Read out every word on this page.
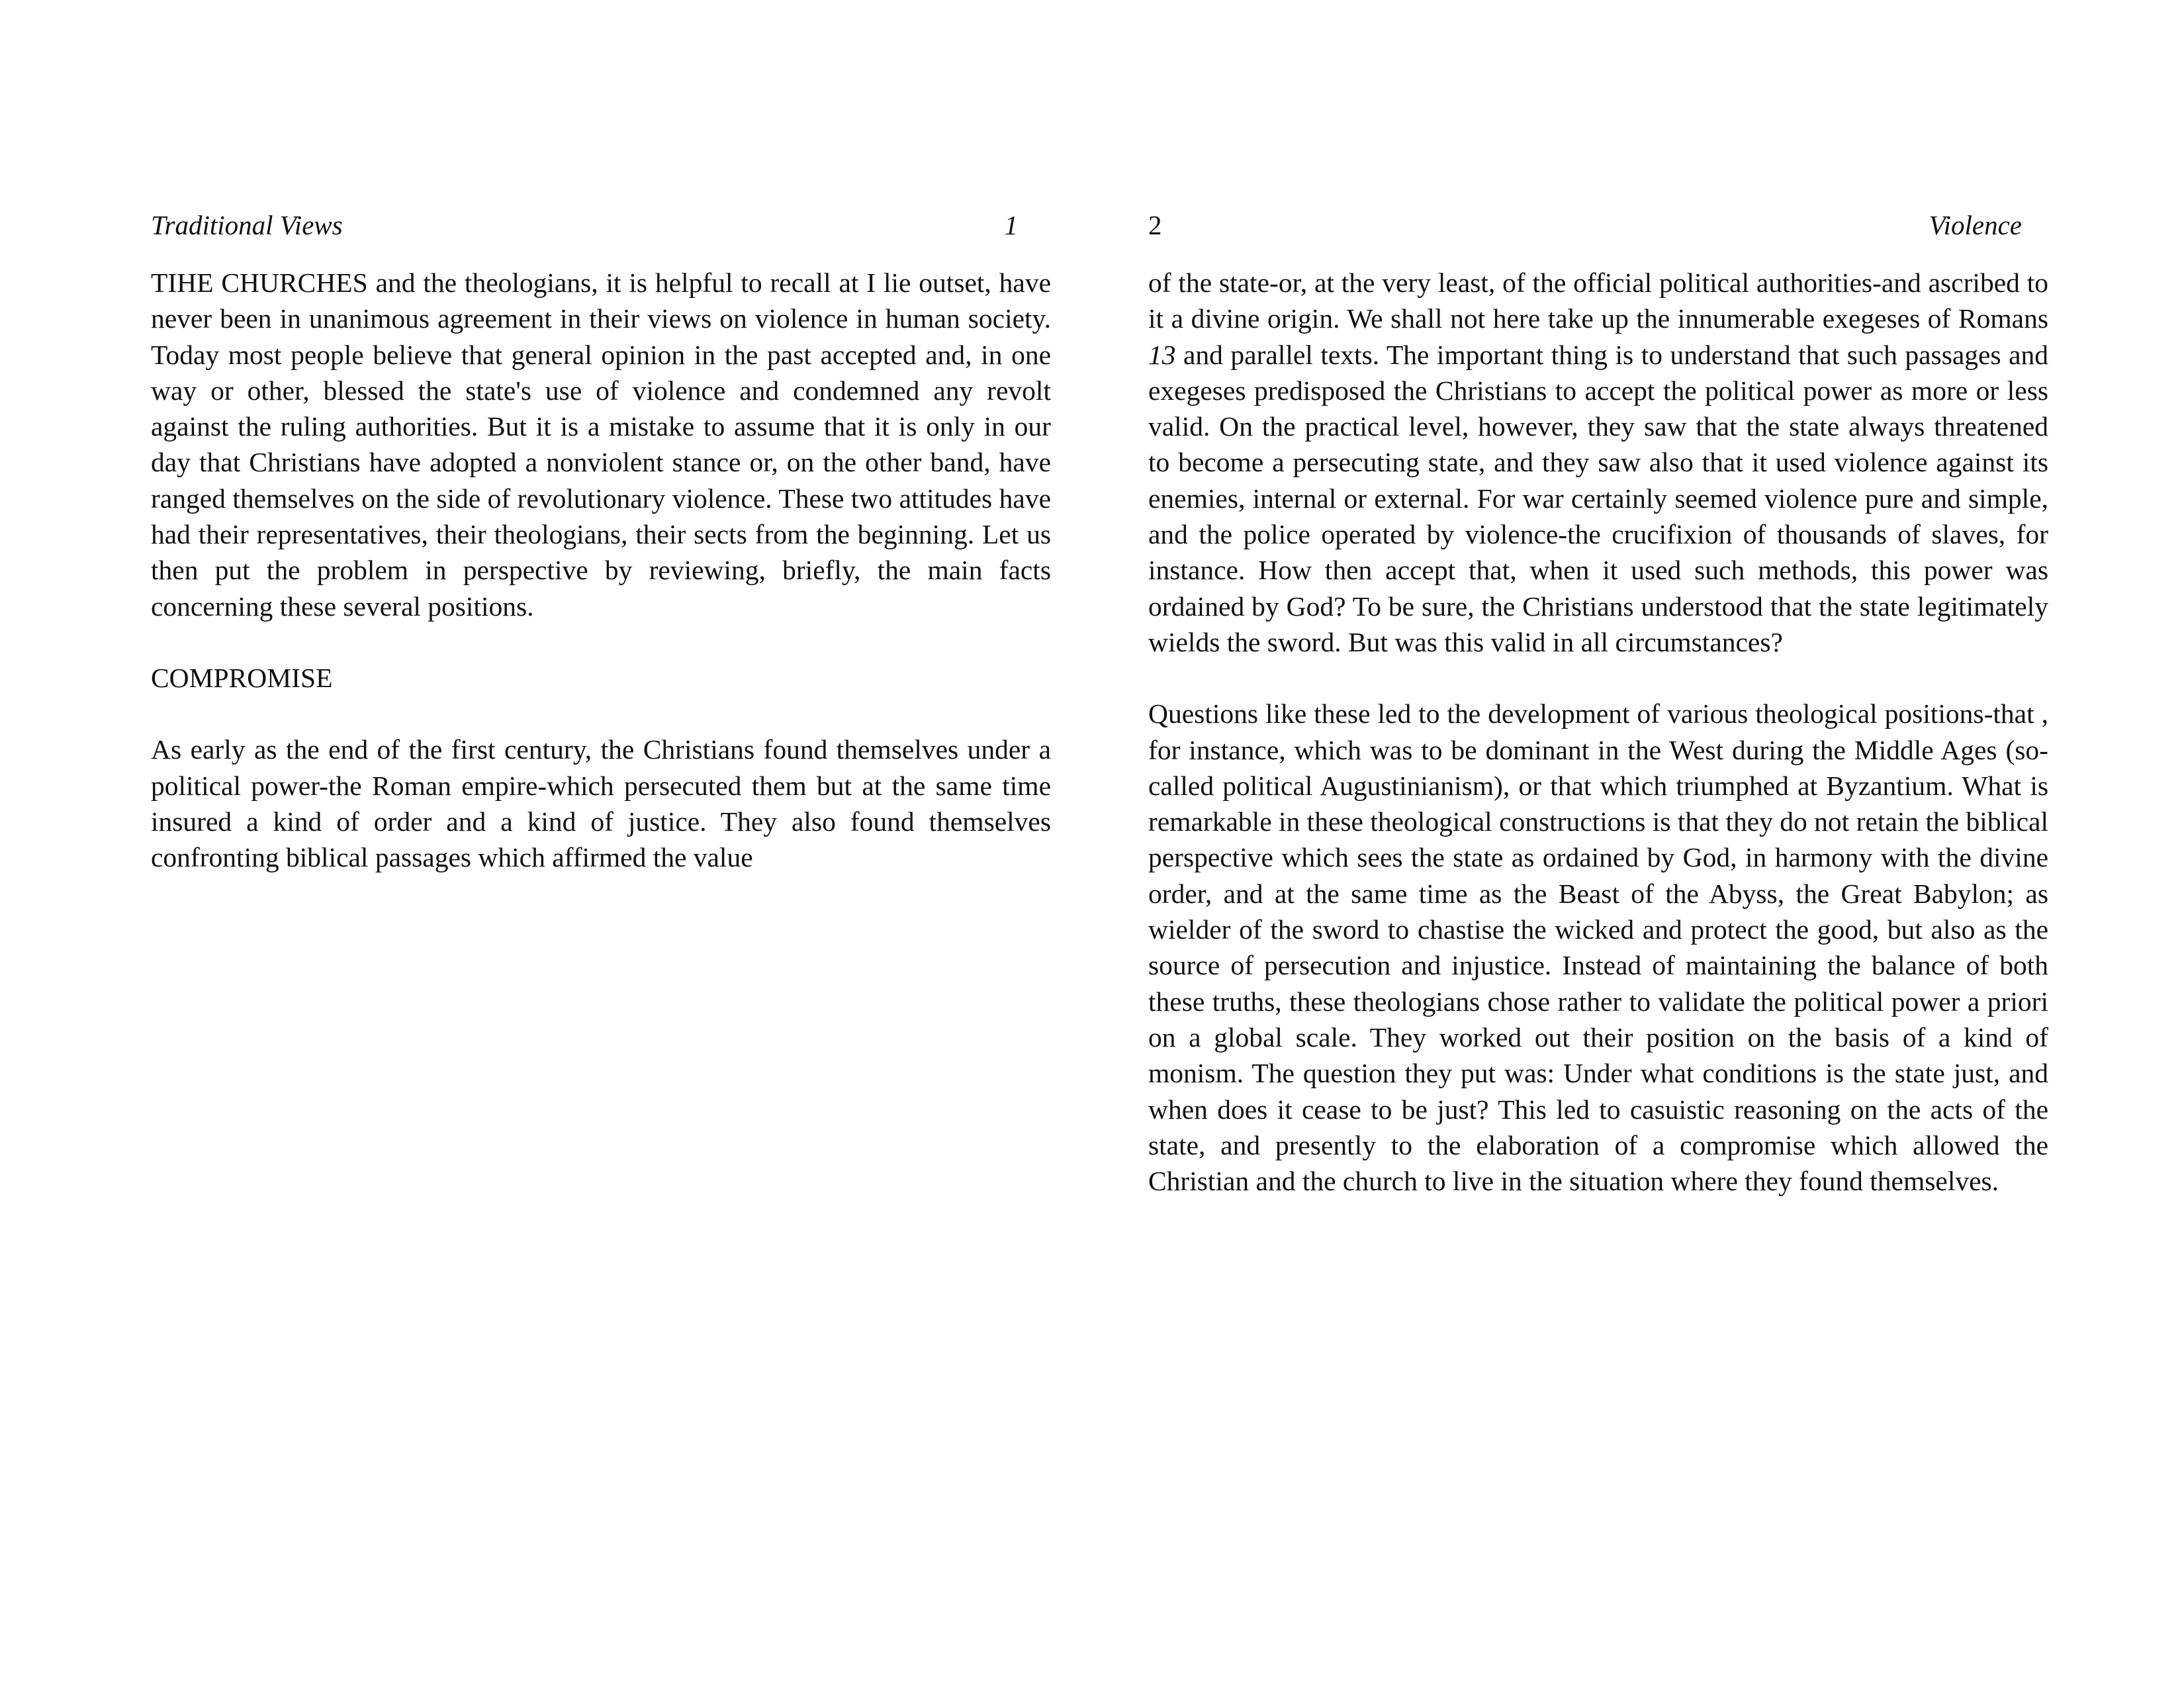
Traditional Views	1

TIHE CHURCHES and the theologians, it is helpful to recall at I lie outset, have never been in unanimous agreement in their views on violence in human society. Today most people believe that general opinion in the past accepted and, in one way or other, blessed the state's use of violence and condemned any revolt against the ruling authorities. But it is a mistake to assume that it is only in our day that Christians have adopted a nonviolent stance or, on the other band, have ranged themselves on the side of revolutionary violence. These two attitudes have had their representatives, their theologians, their sects from the beginning. Let us then put the problem in perspective by reviewing, briefly, the main facts concerning these several positions.

COMPROMISE

As early as the end of the first century, the Christians found themselves under a political power-the Roman empire-which persecuted them but at the same time insured a kind of order and a kind of justice. They also found themselves confronting biblical passages which affirmed the value

2	Violence

of the state-or, at the very least, of the official political authorities-and ascribed to it a divine origin. We shall not here take up the innumerable exegeses of Romans 13 and parallel texts. The important thing is to understand that such passages and exegeses predisposed the Christians to accept the political power as more or less valid. On the practical level, however, they saw that the state always threatened to become a persecuting state, and they saw also that it used violence against its enemies, internal or external. For war certainly seemed violence pure and simple, and the police operated by violence-the crucifixion of thousands of slaves, for instance. How then accept that, when it used such methods, this power was ordained by God? To be sure, the Christians understood that the state legitimately wields the sword. But was this valid in all circumstances?

Questions like these led to the development of various theological positions-that , for instance, which was to be dominant in the West during the Middle Ages (so-called political Augustinianism), or that which triumphed at Byzantium. What is remarkable in these theological constructions is that they do not retain the biblical perspective which sees the state as ordained by God, in harmony with the divine order, and at the same time as the Beast of the Abyss, the Great Babylon; as wielder of the sword to chastise the wicked and protect the good, but also as the source of persecution and injustice. Instead of maintaining the balance of both these truths, these theologians chose rather to validate the political power a priori on a global scale. They worked out their position on the basis of a kind of monism. The question they put was: Under what conditions is the state just, and when does it cease to be just? This led to casuistic reasoning on the acts of the state, and presently to the elaboration of a compromise which allowed the Christian and the church to live in the situation where they found themselves.
